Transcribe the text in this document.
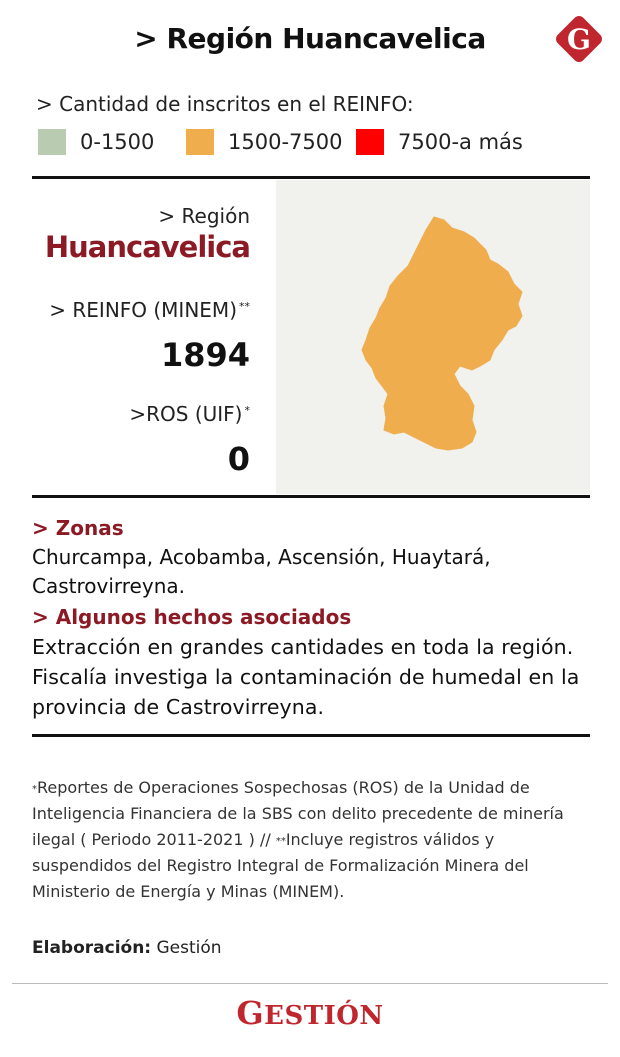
> Región Huancavelica	G
> Cantidad de inscritos en el REINFO:
0-1500	1500-7500	7500-a más
> Región
Huancavelica
> REINFO (MINEM) **
1894
>ROS (UIF) *
0
> Zonas
Churcampa, Acobamba, Ascensión, Huaytará, Castrovirreyna.
> Algunos hechos asociados
Extracción en grandes cantidades en toda la región. Fiscalía investiga la contaminación de humedal en la provincia de Castrovirreyna.
*Reportes de Operaciones Sospechosas (ROS) de la Unidad de Inteligencia Financiera de la SBS con delito precedente de minería ilegal ( Periodo 2011-2021 ) // **Incluye registros válidos y suspendidos del Registro Integral de Formalización Minera del Ministerio de Energía y Minas (MINEM).
Elaboración: Gestión
GESTIÓN
